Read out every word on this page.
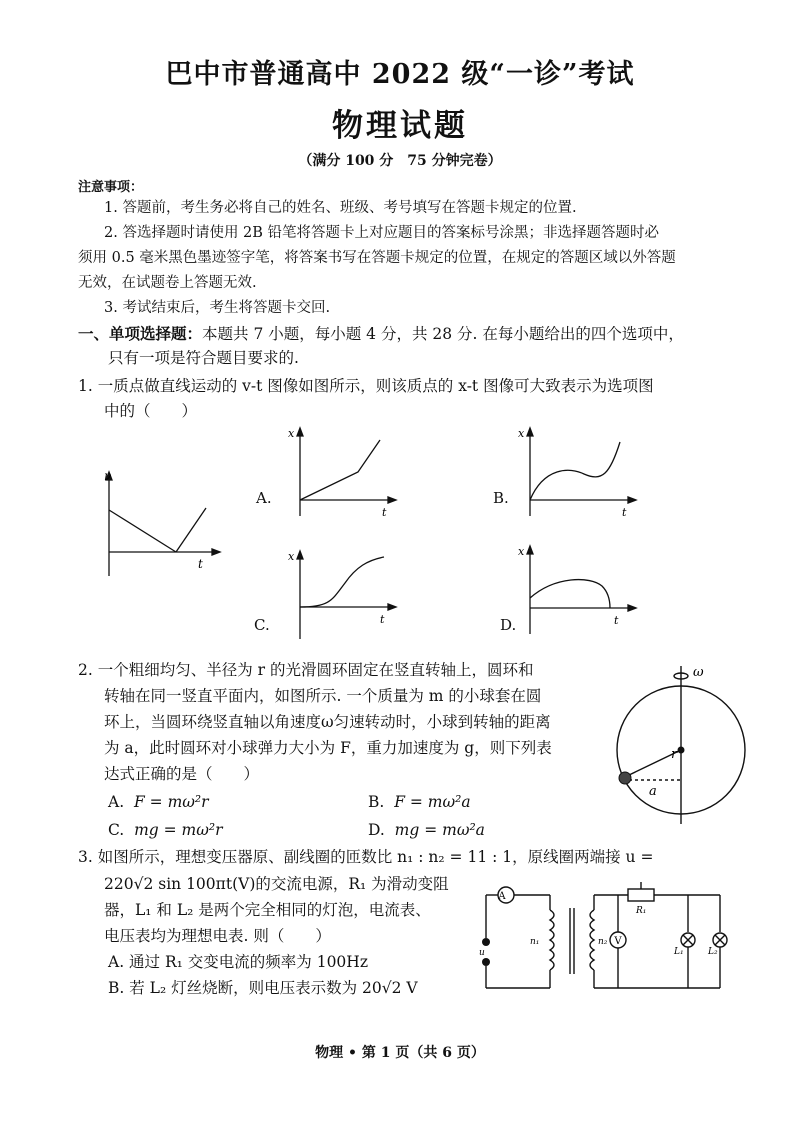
巴中市普通高中 2022 级“一诊”考试
物理试题
（满分 100 分　75 分钟完卷）
注意事项：
1. 答题前，考生务必将自己的姓名、班级、考号填写在答题卡规定的位置.
2. 答选择题时请使用 2B 铅笔将答题卡上对应题目的答案标号涂黑；非选择题答题时必
须用 0.5 毫米黑色墨迹签字笔，将答案书写在答题卡规定的位置，在规定的答题区域以外答题
无效，在试题卷上答题无效.
3. 考试结束后，考生将答题卡交回.
一、单项选择题：本题共 7 小题，每小题 4 分，共 28 分. 在每小题给出的四个选项中，
只有一项是符合题目要求的.
1. 一质点做直线运动的 v-t 图像如图所示，则该质点的 x-t 图像可大致表示为选项图
中的（　　）
ν
t
A.
x
t
B.
x
t
C.
x
t	D.
x
t
2. 一个粗细均匀、半径为 r 的光滑圆环固定在竖直转轴上，圆环和
转轴在同一竖直平面内，如图所示. 一个质量为 m 的小球套在圆
环上，当圆环绕竖直轴以角速度ω匀速转动时，小球到转轴的距离
为 a，此时圆环对小球弹力大小为 F，重力加速度为 g，则下列表
达式正确的是（　　）
A. F = mω²r	B. F = mω²a
C. mg = mω²r	D. mg = mω²a
ω
r
a
3. 如图所示，理想变压器原、副线圈的匝数比 n₁ : n₂ = 11 : 1，原线圈两端接 u =
220√2 sin 100πt(V)的交流电源，R₁ 为滑动变阻
器，L₁ 和 L₂ 是两个完全相同的灯泡，电流表、
电压表均为理想电表. 则（　　）
A. 通过 R₁ 交变电流的频率为 100Hz
B. 若 L₂ 灯丝烧断，则电压表示数为 20√2 V
A
V
u
n₁	n₂
R₁
L₁	L₂
物理 • 第 1 页（共 6 页）
